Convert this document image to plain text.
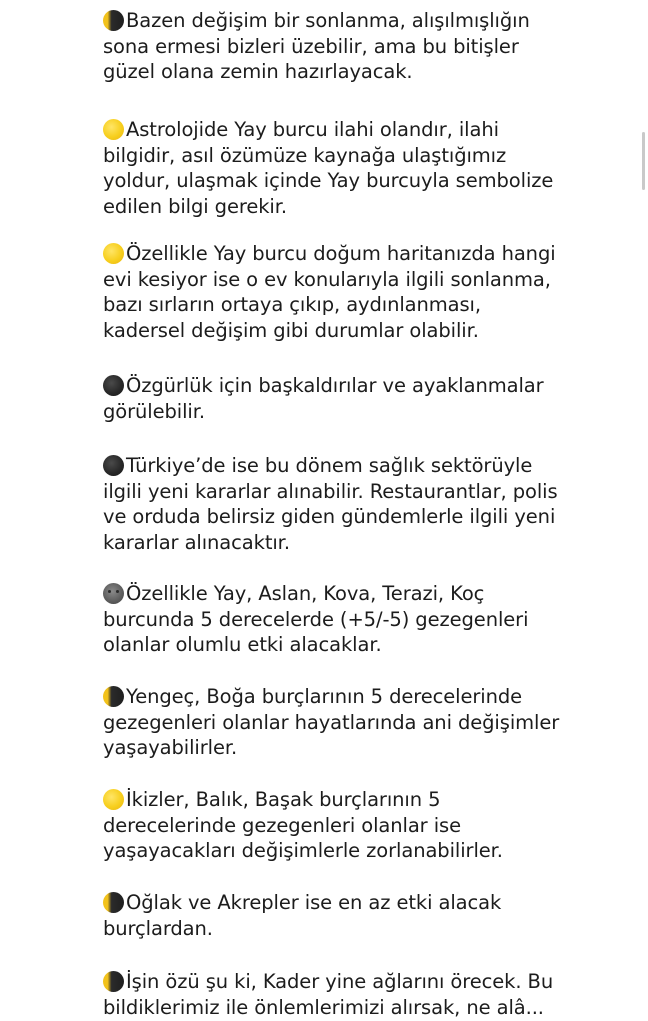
Bazen değişim bir sonlanma, alışılmışlığın sona ermesi bizleri üzebilir, ama bu bitişler güzel olana zemin hazırlayacak.

Astrolojide Yay burcu ilahi olandır, ilahi bilgidir, asıl özümüze kaynağa ulaştığımız yoldur, ulaşmak içinde Yay burcuyla sembolize edilen bilgi gerekir.

Özellikle Yay burcu doğum haritanızda hangi evi kesiyor ise o ev konularıyla ilgili sonlanma, bazı sırların ortaya çıkıp, aydınlanması, kadersel değişim gibi durumlar olabilir.

Özgürlük için başkaldırılar ve ayaklanmalar görülebilir.

Türkiye’de ise bu dönem sağlık sektörüyle ilgili yeni kararlar alınabilir. Restaurantlar, polis ve orduda belirsiz giden gündemlerle ilgili yeni kararlar alınacaktır.

Özellikle Yay, Aslan, Kova, Terazi, Koç burcunda 5 derecelerde (+5/-5) gezegenleri olanlar olumlu etki alacaklar.

Yengeç, Boğa burçlarının 5 derecelerinde gezegenleri olanlar hayatlarında ani değişimler yaşayabilirler.

İkizler, Balık, Başak burçlarının 5 derecelerinde gezegenleri olanlar ise yaşayacakları değişimlerle zorlanabilirler.

Oğlak ve Akrepler ise en az etki alacak burçlardan.

İşin özü şu ki, Kader yine ağlarını örecek. Bu bildiklerimiz ile önlemlerimizi alırsak, ne alâ...
